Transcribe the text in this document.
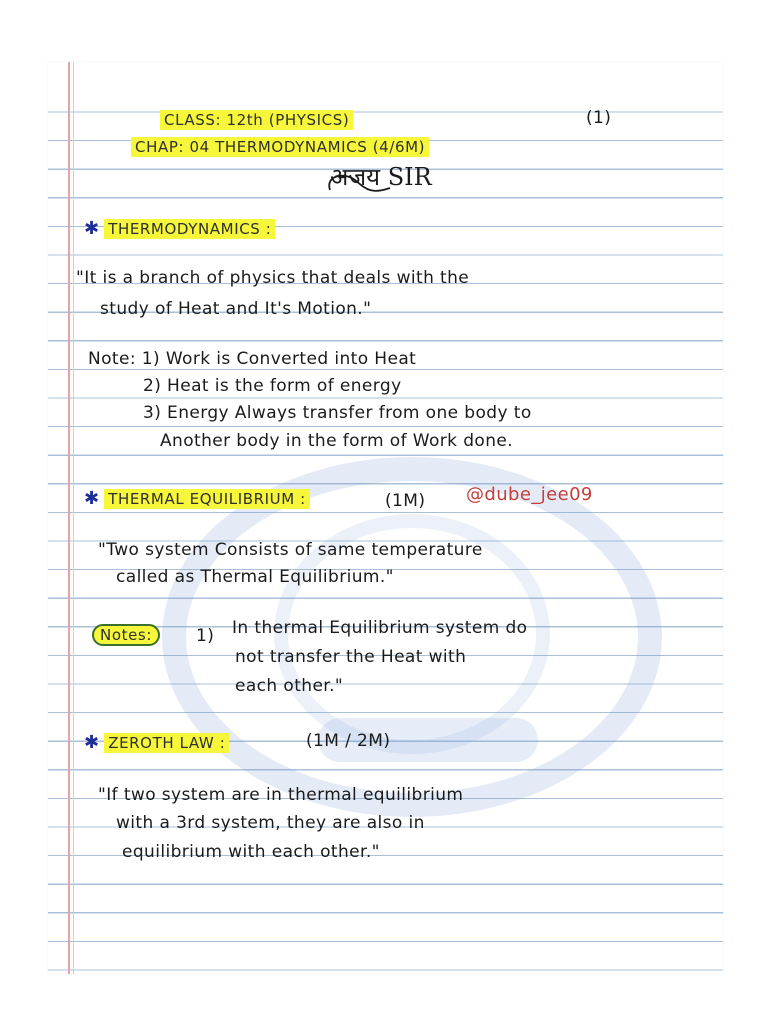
CLASS: 12th (PHYSICS)	(1)
CHAP: 04 THERMODYNAMICS (4/6M)
अजय SIR
✱ THERMODYNAMICS :
"It is a branch of physics that deals with the
study of Heat and It's Motion."
Note: 1) Work is Converted into Heat
2) Heat is the form of energy
3) Energy Always transfer from one body to
Another body in the form of Work done.
✱ THERMAL EQUILIBRIUM :	(1M) @dube_jee09
"Two system Consists of same temperature
called as Thermal Equilibrium."
Notes:	1) In thermal Equilibrium system do
not transfer the Heat with
each other."
✱ ZEROTH LAW :	(1M / 2M)
"If two system are in thermal equilibrium
with a 3rd system, they are also in
equilibrium with each other."
